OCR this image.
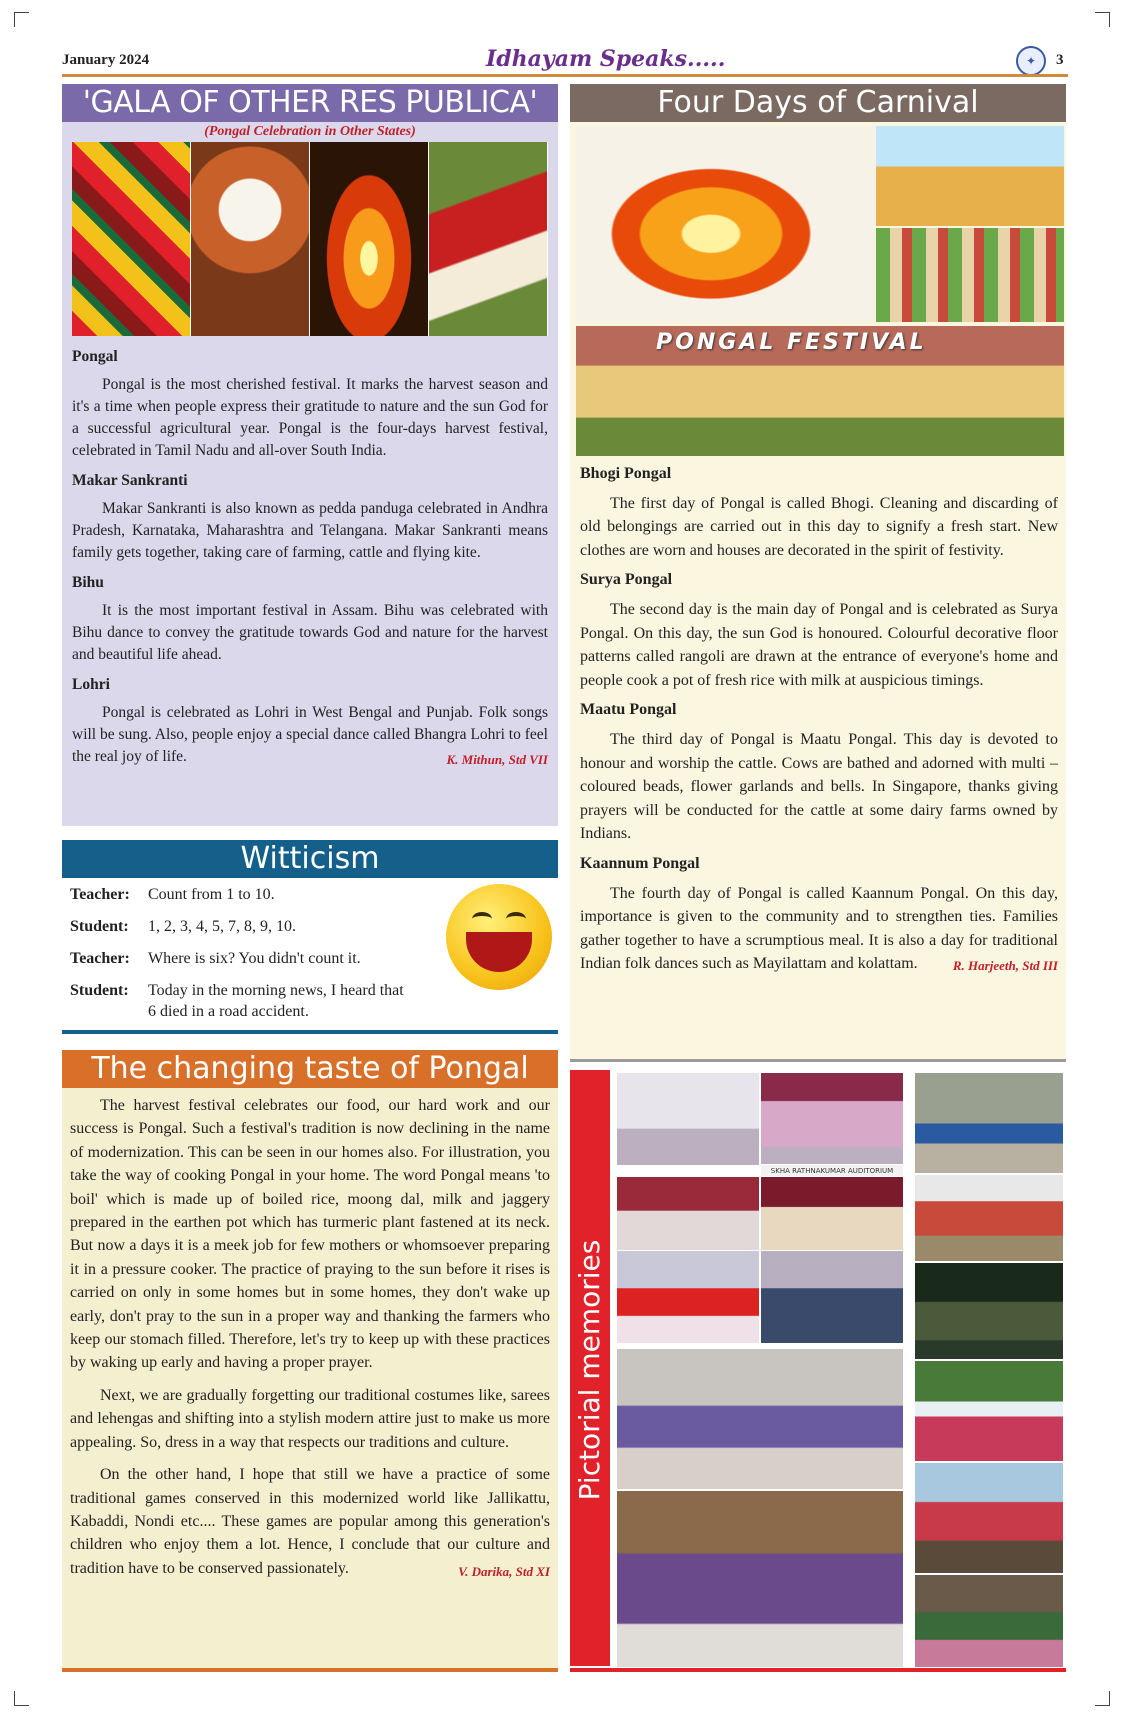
January 2024	Idhayam Speaks.....	✦	3
'GALA OF OTHER RES PUBLICA'
(Pongal Celebration in Other States)
Pongal

Pongal is the most cherished festival. It marks the harvest season and it's a time when people express their gratitude to nature and the sun God for a successful agricultural year. Pongal is the four-days harvest festival, celebrated in Tamil Nadu and all-over South India.

Makar Sankranti

Makar Sankranti is also known as pedda panduga celebrated in Andhra Pradesh, Karnataka, Maharashtra and Telangana. Makar Sankranti means family gets together, taking care of farming, cattle and flying kite.

Bihu

It is the most important festival in Assam. Bihu was celebrated with Bihu dance to convey the gratitude towards God and nature for the harvest and beautiful life ahead.

Lohri

Pongal is celebrated as Lohri in West Bengal and Punjab. Folk songs will be sung. Also, people enjoy a special dance called Bhangra Lohri to feel the real joy of life.	K. Mithun, Std VII

Witticism
Teacher:	Count from 1 to 10.
Student:	1, 2, 3, 4, 5, 7, 8, 9, 10.
Teacher:	Where is six? You didn't count it.
Student:	Today in the morning news, I heard that 6 died in a road accident.
The changing taste of Pongal

The harvest festival celebrates our food, our hard work and our success is Pongal. Such a festival's tradition is now declining in the name of modernization. This can be seen in our homes also. For illustration, you take the way of cooking Pongal in your home. The word Pongal means 'to boil' which is made up of boiled rice, moong dal, milk and jaggery prepared in the earthen pot which has turmeric plant fastened at its neck. But now a days it is a meek job for few mothers or whomsoever preparing it in a pressure cooker. The practice of praying to the sun before it rises is carried on only in some homes but in some homes, they don't wake up early, don't pray to the sun in a proper way and thanking the farmers who keep our stomach filled. Therefore, let's try to keep up with these practices by waking up early and having a proper prayer.

Next, we are gradually forgetting our traditional costumes like, sarees and lehengas and shifting into a stylish modern attire just to make us more appealing. So, dress in a way that respects our traditions and culture.

On the other hand, I hope that still we have a practice of some traditional games conserved in this modernized world like Jallikattu, Kabaddi, Nondi etc.... These games are popular among this generation's children who enjoy them a lot. Hence, I conclude that our culture and tradition have to be conserved passionately.	V. Darika, Std XI

Four Days of Carnival
PONGAL FESTIVAL
Bhogi Pongal

The first day of Pongal is called Bhogi. Cleaning and discarding of old belongings are carried out in this day to signify a fresh start. New clothes are worn and houses are decorated in the spirit of festivity.

Surya Pongal

The second day is the main day of Pongal and is celebrated as Surya Pongal. On this day, the sun God is honoured. Colourful decorative floor patterns called rangoli are drawn at the entrance of everyone's home and people cook a pot of fresh rice with milk at auspicious timings.

Maatu Pongal

The third day of Pongal is Maatu Pongal. This day is devoted to honour and worship the cattle. Cows are bathed and adorned with multi – coloured beads, flower garlands and bells. In Singapore, thanks giving prayers will be conducted for the cattle at some dairy farms owned by Indians.

Kaannum Pongal

The fourth day of Pongal is called Kaannum Pongal. On this day, importance is given to the community and to strengthen ties. Families gather together to have a scrumptious meal. It is also a day for traditional Indian folk dances such as Mayilattam and kolattam.	R. Harjeeth, Std III

Pictorial memories
SKHA RATHNAKUMAR AUDITORIUM
